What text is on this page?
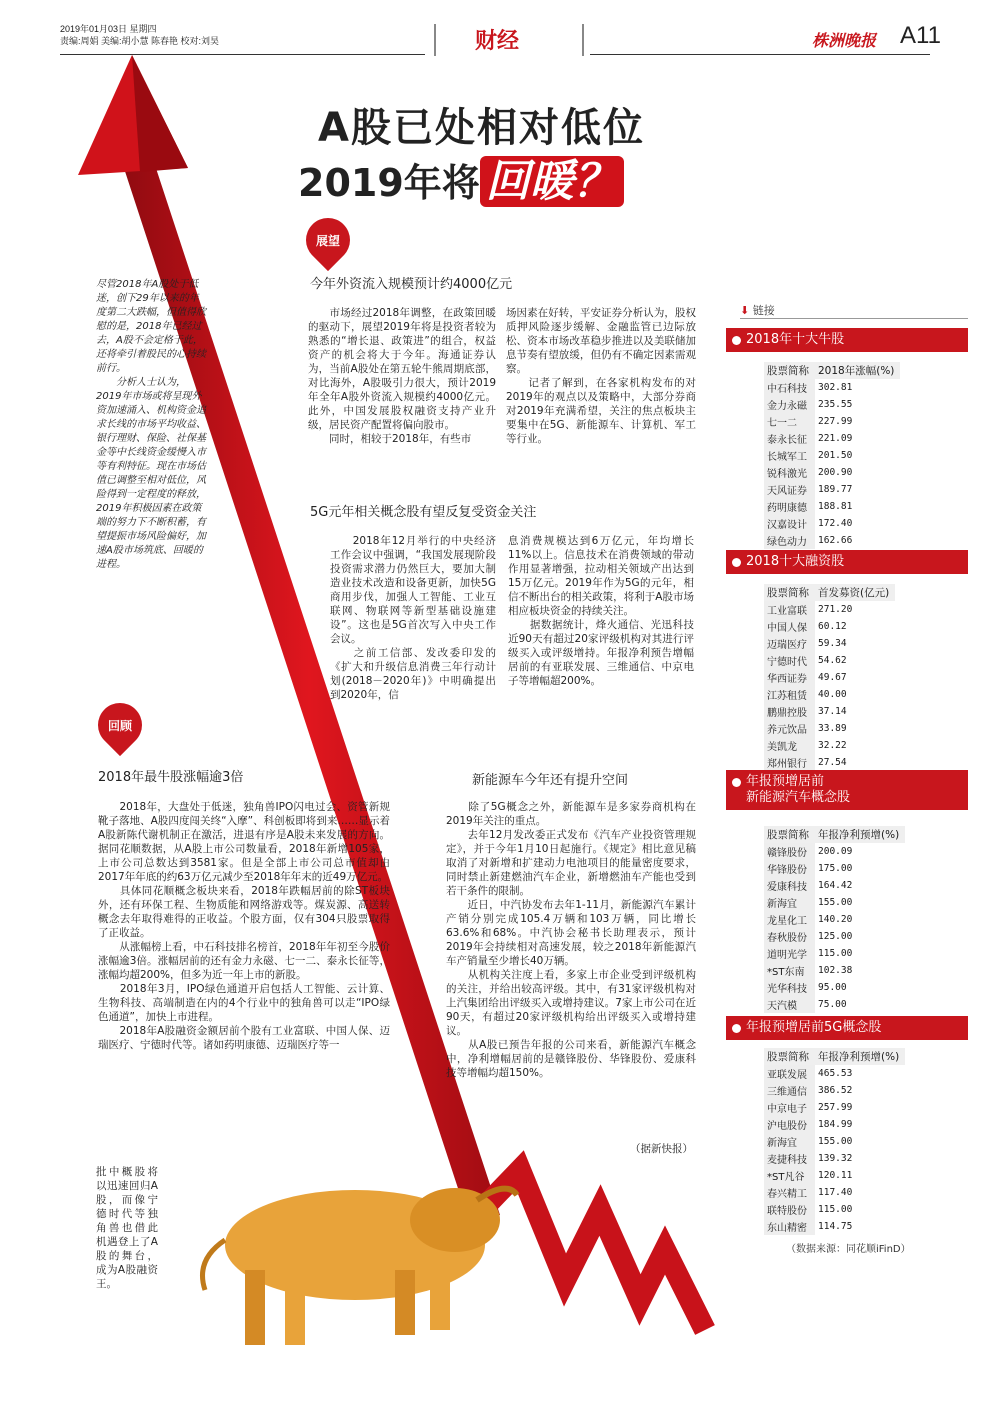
2019年01月03日 星期四
责编:周娟 美编:胡小慧 陈春艳 校对:刘昊	财经	株洲晚报 A11
A股已处相对低位
2019年将 回暖？
尽管2018年A股处于低迷，创下29年以来的年度第二大跌幅，但值得欣慰的是，2018年已经过去，A股不会定格于此，还将牵引着股民的心持续前行。
　　分析人士认为，2019年市场或将呈现外资加速涌入、机构资金追求长线的市场平均收益、银行理财、保险、社保基金等中长线资金缓慢入市等有利特征。现在市场估值已调整至相对低位，风险得到一定程度的释放，2019年积极因素在政策端的努力下不断积蓄，有望提振市场风险偏好，加速A股市场筑底、回暖的进程。
展望
今年外资流入规模预计约4000亿元
　　市场经过2018年调整，在政策回暖的驱动下，展望2019年将是投资者较为熟悉的“增长退、政策进”的组合，权益资产的机会将大于今年。海通证券认为，当前A股处在第五轮牛熊周期底部，对比海外，A股吸引力很大，预计2019年全年A股外资流入规模约4000亿元。此外，中国发展股权融资支持产业升级，居民资产配置将偏向股市。
　　同时，相较于2018年，有些市
场因素在好转，平安证券分析认为，股权质押风险逐步缓解、金融监管已边际放松、资本市场改革稳步推进以及美联储加息节奏有望放缓，但仍有不确定因素需观察。
　　记者了解到，在各家机构发布的对2019年的观点以及策略中，大部分券商对2019年充满希望，关注的焦点板块主要集中在5G、新能源车、计算机、军工等行业。
5G元年相关概念股有望反复受资金关注
　　2018年12月举行的中央经济工作会议中强调，“我国发展现阶段投资需求潜力仍然巨大，要加大制造业技术改造和设备更新，加快5G商用步伐，加强人工智能、工业互联网、物联网等新型基础设施建设”。这也是5G首次写入中央工作会议。
　　之前工信部、发改委印发的《扩大和升级信息消费三年行动计划(2018－2020年)》中明确提出到2020年，信
息消费规模达到6万亿元，年均增长11%以上。信息技术在消费领域的带动作用显著增强，拉动相关领域产出达到15万亿元。2019年作为5G的元年，相信不断出台的相关政策，将利于A股市场相应板块资金的持续关注。
　　据数据统计，烽火通信、光迅科技近90天有超过20家评级机构对其进行评级买入或评级增持。年报净利预告增幅居前的有亚联发展、三维通信、中京电子等增幅超200%。
回顾
2018年最牛股涨幅逾3倍
　　2018年，大盘处于低迷，独角兽IPO闪电过会、资管新规靴子落地、A股四度闯关终“入摩”、科创板即将到来……显示着A股新陈代谢机制正在激活，进退有序是A股未来发展的方向。据同花顺数据，从A股上市公司数量看，2018年新增105家，上市公司总数达到3581家。但是全部上市公司总市值却由2017年年底的约63万亿元减少至2018年年末的近49万亿元。
　　具体同花顺概念板块来看，2018年跌幅居前的除ST板块外，还有环保工程、生物质能和网络游戏等。煤炭源、高送转概念去年取得难得的正收益。个股方面，仅有304只股票取得了正收益。
　　从涨幅榜上看，中石科技排名榜首，2018年年初至今股价涨幅逾3倍。涨幅居前的还有金力永磁、七一二、泰永长征等，涨幅均超200%，但多为近一年上市的新股。
　　2018年3月，IPO绿色通道开启包括人工智能、云计算、生物科技、高端制造在内的4个行业中的独角兽可以走“IPO绿色通道”，加快上市进程。
　　2018年A股融资金额居前个股有工业富联、中国人保、迈瑞医疗、宁德时代等。诸如药明康德、迈瑞医疗等一
批中概股将以迅速回归A股，而像宁德时代等独角兽也借此机遇登上了A股的舞台，成为A股融资王。
新能源车今年还有提升空间
　　除了5G概念之外，新能源车是多家券商机构在2019年关注的重点。
　　去年12月发改委正式发布《汽车产业投资管理规定》，并于今年1月10日起施行。《规定》相比意见稿取消了对新增和扩建动力电池项目的能量密度要求，同时禁止新建燃油汽车企业，新增燃油车产能也受到若干条件的限制。
　　近日，中汽协发布去年1-11月，新能源汽车累计产销分别完成105.4万辆和103万辆，同比增长63.6%和68%。中汽协会秘书长助理表示，预计2019年会持续相对高速发展，较之2018年新能源汽车产销量至少增长40万辆。
　　从机构关注度上看，多家上市企业受到评级机构的关注，并给出较高评级。其中，有31家评级机构对上汽集团给出评级买入或增持建议。7家上市公司在近90天，有超过20家评级机构给出评级买入或增持建议。
　　从A股已预告年报的公司来看，新能源汽车概念中，净利增幅居前的是赣锋股份、华锋股份、爱康科技等增幅均超150%。
（据新快报）
⬇︎ 链接
2018年十大牛股
股票简称	2018年涨幅(%)
中石科技	302.81
金力永磁	235.55
七一二	227.99
泰永长征	221.09
长城军工	201.50
锐科激光	200.90
天风证券	189.77
药明康德	188.81
汉嘉设计	172.40
绿色动力	162.66
2018十大融资股
股票简称	首发募资(亿元)
工业富联	271.20
中国人保	60.12
迈瑞医疗	59.34
宁德时代	54.62
华西证券	49.67
江苏租赁	40.00
鹏鼎控股	37.14
养元饮品	33.89
美凯龙	32.22
郑州银行	27.54
年报预增居前
新能源汽车概念股
股票简称	年报净利预增(%)
赣锋股份	200.09
华锋股份	175.00
爱康科技	164.42
新海宜	155.00
龙星化工	140.20
春秋股份	125.00
道明光学	115.00
*ST东南	102.38
光华科技	95.00
天汽模	75.00
年报预增居前5G概念股
股票简称	年报净利预增(%)
亚联发展	465.53
三维通信	386.52
中京电子	257.99
沪电股份	184.99
新海宜	155.00
麦捷科技	139.32
*ST凡谷	120.11
春兴精工	117.40
联特股份	115.00
东山精密	114.75
（数据来源：同花顺iFinD）
